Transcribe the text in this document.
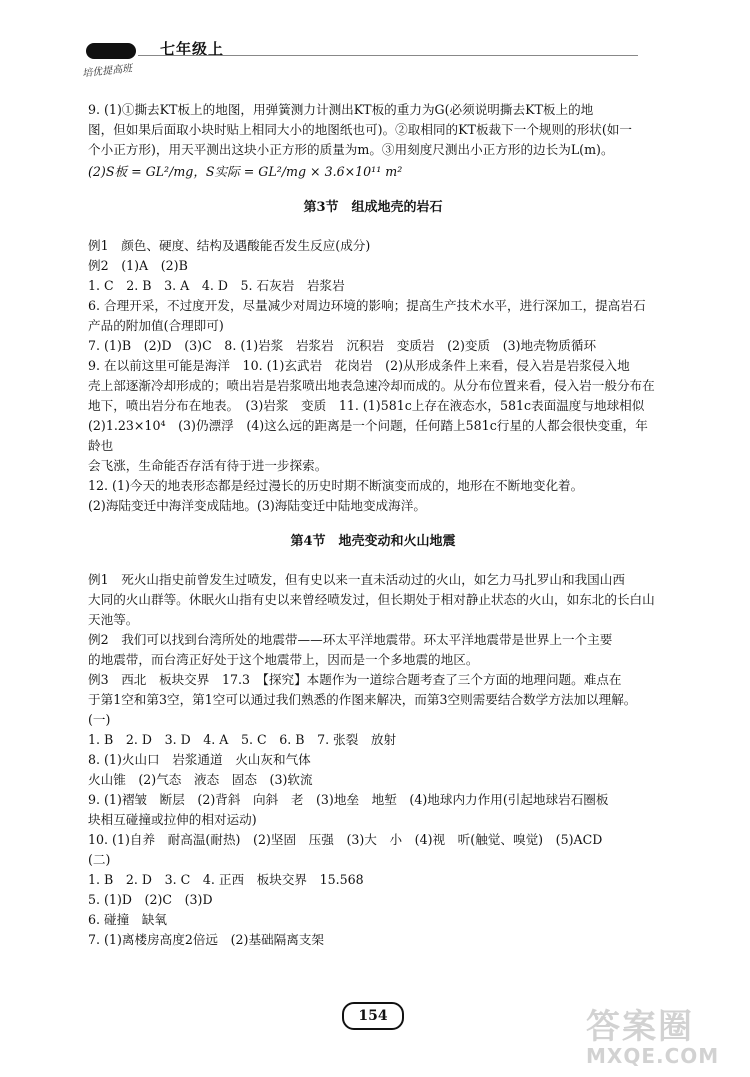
七年级上
培优提高班

9. (1)①撕去KT板上的地图，用弹簧测力计测出KT板的重力为G(必须说明撕去KT板上的地

图，但如果后面取小块时贴上相同大小的地图纸也可)。②取相同的KT板裁下一个规则的形状(如一

个小正方形)，用天平测出这块小正方形的质量为m。③用刻度尺测出小正方形的边长为L(m)。

(2)S板 = GL²/mg，S实际 = GL²/mg × 3.6×10¹¹ m²

第3节　组成地壳的岩石

例1　颜色、硬度、结构及遇酸能否发生反应(成分)

例2　(1)A　(2)B

1. C　2. B　3. A　4. D　5. 石灰岩　岩浆岩

6. 合理开采，不过度开发，尽量减少对周边环境的影响；提高生产技术水平，进行深加工，提高岩石

产品的附加值(合理即可)

7. (1)B　(2)D　(3)C　8. (1)岩浆　岩浆岩　沉积岩　变质岩　(2)变质　(3)地壳物质循环

9. 在以前这里可能是海洋　10. (1)玄武岩　花岗岩　(2)从形成条件上来看，侵入岩是岩浆侵入地

壳上部逐渐冷却形成的；喷出岩是岩浆喷出地表急速冷却而成的。从分布位置来看，侵入岩一般分布在

地下，喷出岩分布在地表。　(3)岩浆　变质　11. (1)581c上存在液态水，581c表面温度与地球相似

(2)1.23×10⁴　(3)仍漂浮　(4)这么远的距离是一个问题，任何踏上581c行星的人都会很快变重，年龄也

会飞涨，生命能否存活有待于进一步探索。

12. (1)今天的地表形态都是经过漫长的历史时期不断演变而成的，地形在不断地变化着。

(2)海陆变迁中海洋变成陆地。(3)海陆变迁中陆地变成海洋。

第4节　地壳变动和火山地震

例1　死火山指史前曾发生过喷发，但有史以来一直未活动过的火山，如乞力马扎罗山和我国山西

大同的火山群等。休眠火山指有史以来曾经喷发过，但长期处于相对静止状态的火山，如东北的长白山

天池等。

例2　我们可以找到台湾所处的地震带——环太平洋地震带。环太平洋地震带是世界上一个主要

的地震带，而台湾正好处于这个地震带上，因而是一个多地震的地区。

例3　西北　板块交界　17.3　【探究】本题作为一道综合题考查了三个方面的地理问题。难点在

于第1空和第3空，第1空可以通过我们熟悉的作图来解决，而第3空则需要结合数学方法加以理解。

(一)

1. B　2. D　3. D　4. A　5. C　6. B　7. 张裂　放射

8. (1)火山口　岩浆通道　火山灰和气体

火山锥　(2)气态　液态　固态　(3)软流

9. (1)褶皱　断层　(2)背斜　向斜　老　(3)地垒　地堑　(4)地球内力作用(引起地球岩石圈板

块相互碰撞或拉伸的相对运动)

10. (1)自养　耐高温(耐热)　(2)坚固　压强　(3)大　小　(4)视　听(触觉、嗅觉)　(5)ACD

(二)

1. B　2. D　3. C　4. 正西　板块交界　15.568

5. (1)D　(2)C　(3)D

6. 碰撞　缺氧

7. (1)离楼房高度2倍远　(2)基础隔离支架

154	答案圈
MXQE.COM
